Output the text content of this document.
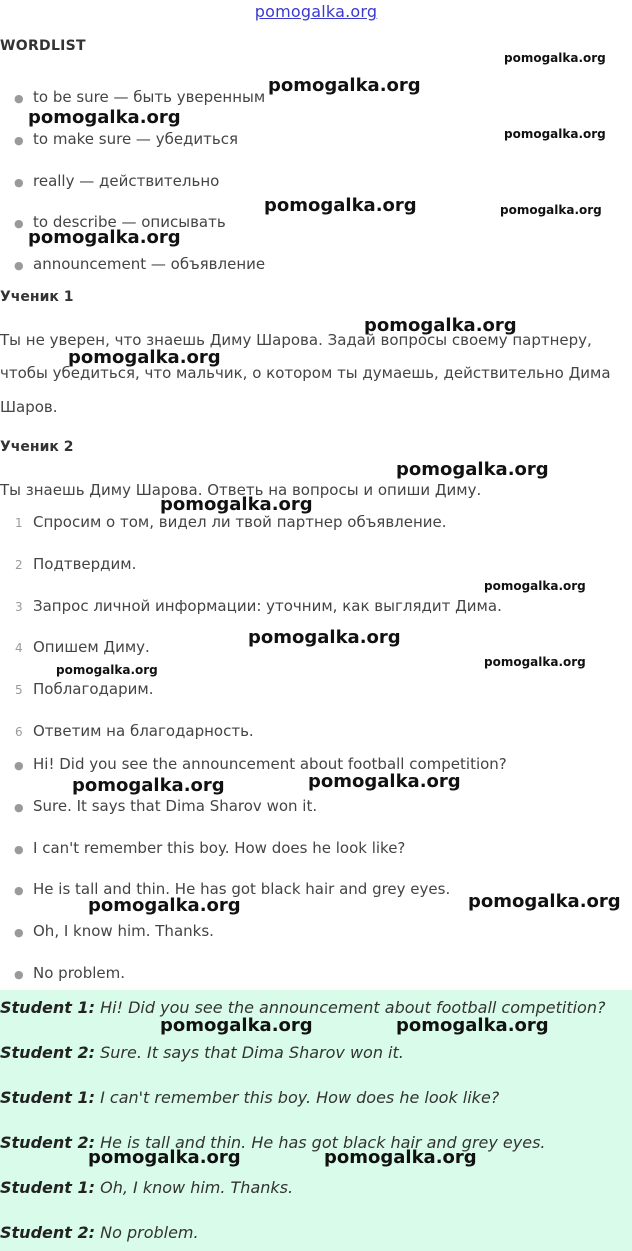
pomogalka.org
WORDLIST
● to be sure — быть уверенным
● to make sure — убедиться
● really — действительно
● to describe — описывать
● announcement — объявление
Ученик 1
Ты не уверен, что знаешь Диму Шарова. Задай вопросы своему партнеру,
чтобы убедиться, что мальчик, о котором ты думаешь, действительно Дима
Шаров.
Ученик 2
Ты знаешь Диму Шарова. Ответь на вопросы и опиши Диму.
1 Спросим о том, видел ли твой партнер объявление.
2 Подтвердим.
3 Запрос личной информации: уточним, как выглядит Дима.
4 Опишем Диму.
5 Поблагодарим.
6 Ответим на благодарность.
● Hi! Did you see the announcement about football competition?
● Sure. It says that Dima Sharov won it.
● I can't remember this boy. How does he look like?
● He is tall and thin. He has got black hair and grey eyes.
● Oh, I know him. Thanks.
● No problem.
Student 1: Hi! Did you see the announcement about football competition?
Student 2: Sure. It says that Dima Sharov won it.
Student 1: I can't remember this boy. How does he look like?
Student 2: He is tall and thin. He has got black hair and grey eyes.
Student 1: Oh, I know him. Thanks.
Student 2: No problem.
pomogalka.org
pomogalka.org
pomogalka.org
pomogalka.org
pomogalka.org	pomogalka.org
pomogalka.org
pomogalka.org
pomogalka.org
pomogalka.org
pomogalka.org
pomogalka.org
pomogalka.org
pomogalka.org
pomogalka.org
pomogalka.org
pomogalka.org
pomogalka.org
pomogalka.org
pomogalka.org	pomogalka.org
pomogalka.org	pomogalka.org
